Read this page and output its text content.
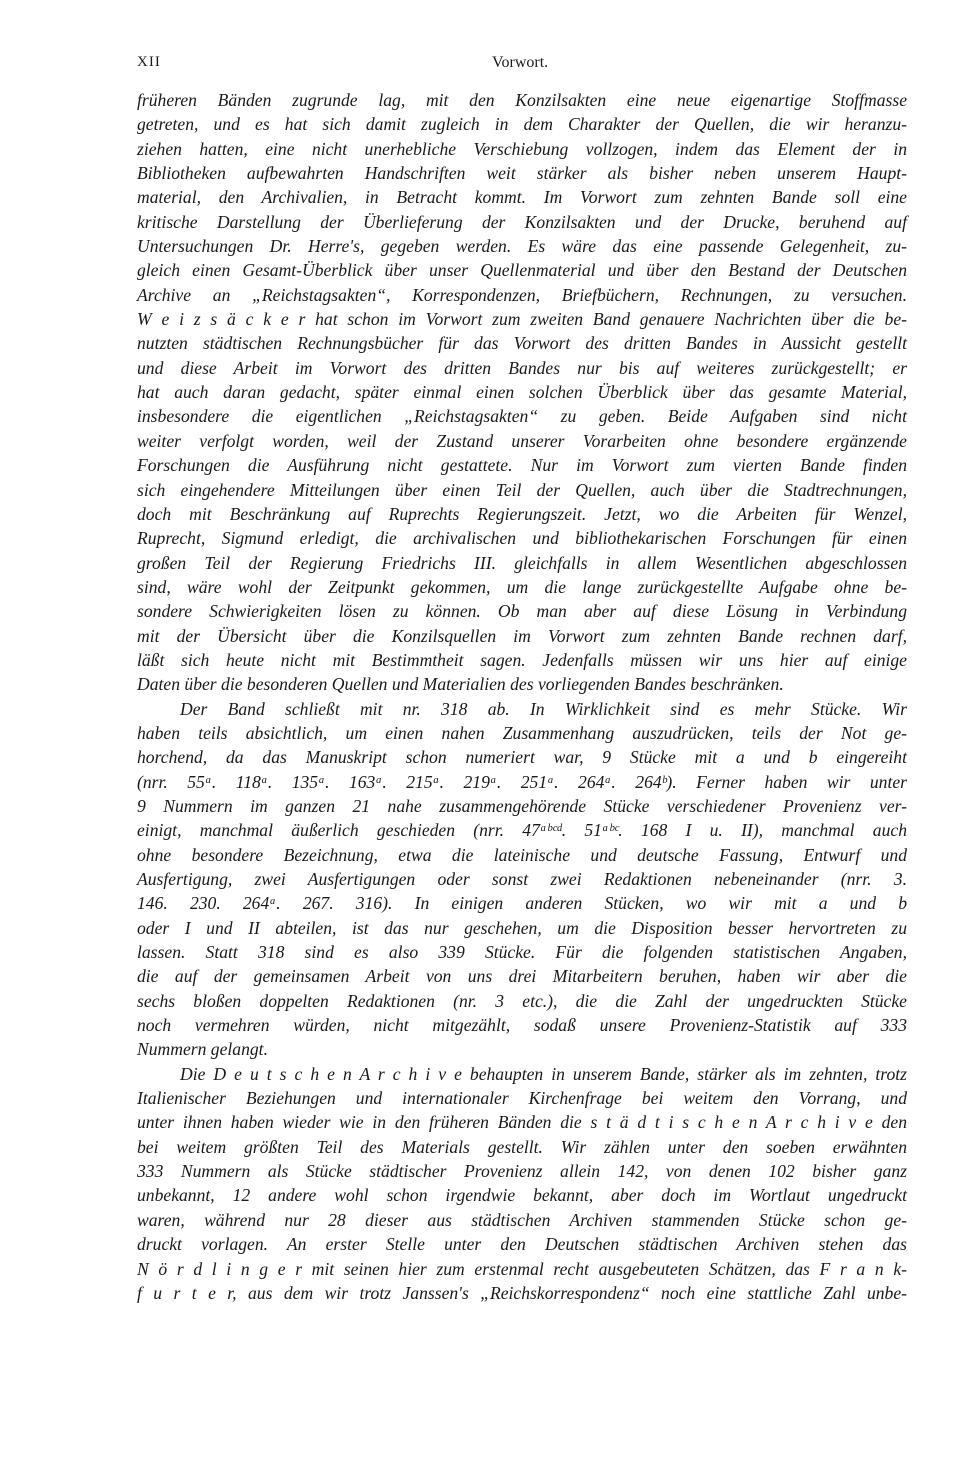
XII	Vorwort.
früheren Bänden zugrunde lag, mit den Konzilsakten eine neue eigenartige Stoffmasse
getreten, und es hat sich damit zugleich in dem Charakter der Quellen, die wir heranzu-
ziehen hatten, eine nicht unerhebliche Verschiebung vollzogen, indem das Element der in
Bibliotheken aufbewahrten Handschriften weit stärker als bisher neben unserem Haupt-
material, den Archivalien, in Betracht kommt. Im Vorwort zum zehnten Bande soll eine
kritische Darstellung der Überlieferung der Konzilsakten und der Drucke, beruhend auf
Untersuchungen Dr. Herre's, gegeben werden. Es wäre das eine passende Gelegenheit, zu-
gleich einen Gesamt-Überblick über unser Quellenmaterial und über den Bestand der Deutschen
Archive an „Reichstagsakten“, Korrespondenzen, Briefbüchern, Rechnungen, zu versuchen.
W e i z s ä c k e r hat schon im Vorwort zum zweiten Band genauere Nachrichten über die be-
nutzten städtischen Rechnungsbücher für das Vorwort des dritten Bandes in Aussicht gestellt
und diese Arbeit im Vorwort des dritten Bandes nur bis auf weiteres zurückgestellt; er
hat auch daran gedacht, später einmal einen solchen Überblick über das gesamte Material,
insbesondere die eigentlichen „Reichstagsakten“ zu geben. Beide Aufgaben sind nicht
weiter verfolgt worden, weil der Zustand unserer Vorarbeiten ohne besondere ergänzende
Forschungen die Ausführung nicht gestattete. Nur im Vorwort zum vierten Bande finden
sich eingehendere Mitteilungen über einen Teil der Quellen, auch über die Stadtrechnungen,
doch mit Beschränkung auf Ruprechts Regierungszeit. Jetzt, wo die Arbeiten für Wenzel,
Ruprecht, Sigmund erledigt, die archivalischen und bibliothekarischen Forschungen für einen
großen Teil der Regierung Friedrichs III. gleichfalls in allem Wesentlichen abgeschlossen
sind, wäre wohl der Zeitpunkt gekommen, um die lange zurückgestellte Aufgabe ohne be-
sondere Schwierigkeiten lösen zu können. Ob man aber auf diese Lösung in Verbindung
mit der Übersicht über die Konzilsquellen im Vorwort zum zehnten Bande rechnen darf,
läßt sich heute nicht mit Bestimmtheit sagen. Jedenfalls müssen wir uns hier auf einige
Daten über die besonderen Quellen und Materialien des vorliegenden Bandes beschränken.
Der Band schließt mit nr. 318 ab. In Wirklichkeit sind es mehr Stücke. Wir
haben teils absichtlich, um einen nahen Zusammenhang auszudrücken, teils der Not ge-
horchend, da das Manuskript schon numeriert war, 9 Stücke mit a und b eingereiht
(nrr. 55ᵃ. 118ᵃ. 135ᵃ. 163ᵃ. 215ᵃ. 219ᵃ. 251ᵃ. 264ᵃ. 264ᵇ). Ferner haben wir unter
9 Nummern im ganzen 21 nahe zusammengehörende Stücke verschiedener Provenienz ver-
einigt, manchmal äußerlich geschieden (nrr. 47ᵃᵇᶜᵈ. 51ᵃᵇᶜ. 168 I u. II), manchmal auch
ohne besondere Bezeichnung, etwa die lateinische und deutsche Fassung, Entwurf und
Ausfertigung, zwei Ausfertigungen oder sonst zwei Redaktionen nebeneinander (nrr. 3.
146. 230. 264ᵃ. 267. 316). In einigen anderen Stücken, wo wir mit a und b
oder I und II abteilen, ist das nur geschehen, um die Disposition besser hervortreten zu
lassen. Statt 318 sind es also 339 Stücke. Für die folgenden statistischen Angaben,
die auf der gemeinsamen Arbeit von uns drei Mitarbeitern beruhen, haben wir aber die
sechs bloßen doppelten Redaktionen (nr. 3 etc.), die die Zahl der ungedruckten Stücke
noch vermehren würden, nicht mitgezählt, sodaß unsere Provenienz-Statistik auf 333
Nummern gelangt.
Die D e u t s c h e n A r c h i v e behaupten in unserem Bande, stärker als im zehnten, trotz
Italienischer Beziehungen und internationaler Kirchenfrage bei weitem den Vorrang, und
unter ihnen haben wieder wie in den früheren Bänden die s t ä d t i s c h e n A r c h i v e den
bei weitem größten Teil des Materials gestellt. Wir zählen unter den soeben erwähnten
333 Nummern als Stücke städtischer Provenienz allein 142, von denen 102 bisher ganz
unbekannt, 12 andere wohl schon irgendwie bekannt, aber doch im Wortlaut ungedruckt
waren, während nur 28 dieser aus städtischen Archiven stammenden Stücke schon ge-
druckt vorlagen. An erster Stelle unter den Deutschen städtischen Archiven stehen das
N ö r d l i n g e r mit seinen hier zum erstenmal recht ausgebeuteten Schätzen, das F r a n k-
f u r t e r, aus dem wir trotz Janssen's „Reichskorrespondenz“ noch eine stattliche Zahl unbe-
